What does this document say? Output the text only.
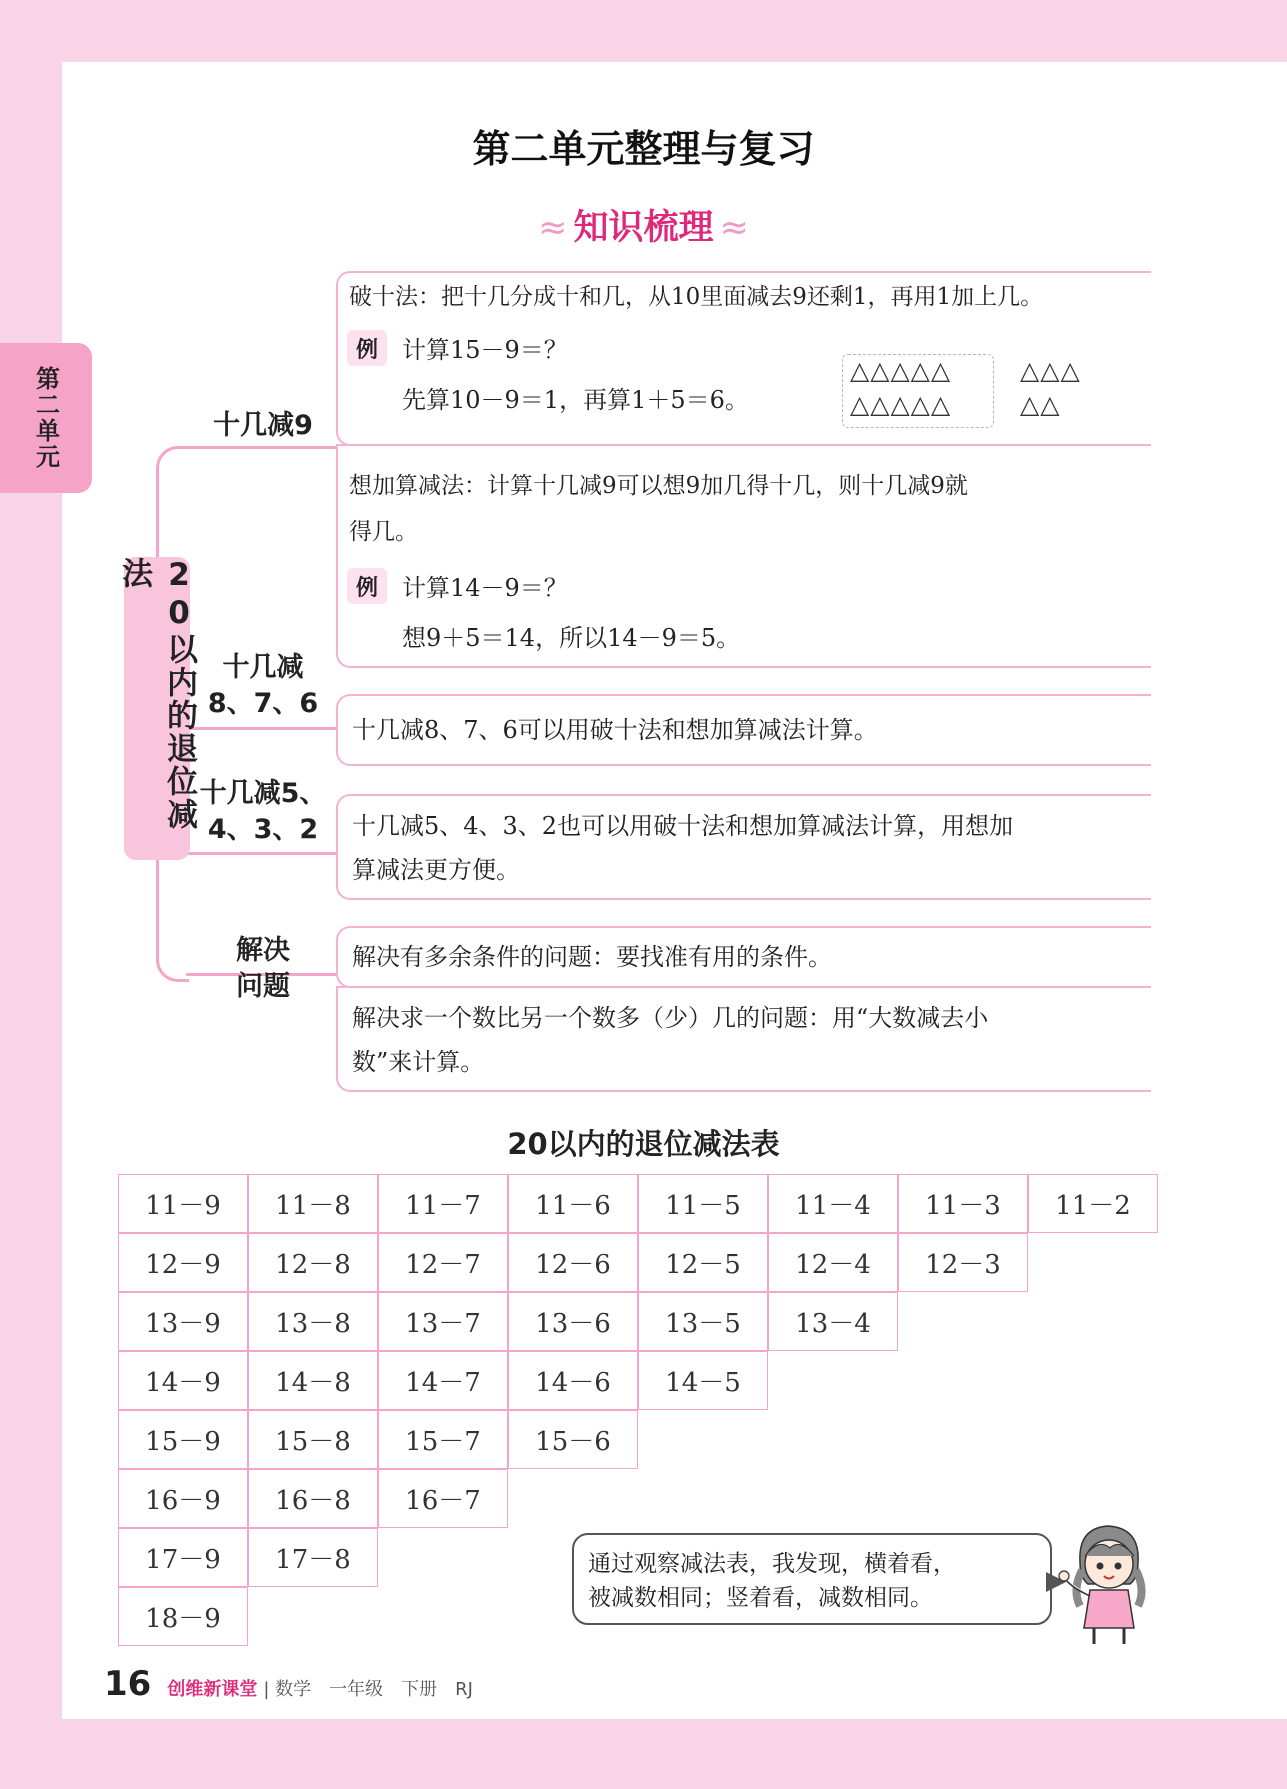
第二单元
第二单元整理与复习
≈ 知识梳理 ≈
20以内的退位减法
十几减9
十几减
8、7、6
十几减5、
4、3、2
解决
问题
破十法：把十几分成十和几，从10里面减去9还剩1，再用1加上几。
例	计算15－9＝？
先算10－9＝1，再算1＋5＝6。
△△△△△
△△△△△
△△△
△△
想加算减法：计算十几减9可以想9加几得十几，则十几减9就
得几。
例	计算14－9＝？
想9＋5＝14，所以14－9＝5。
十几减8、7、6可以用破十法和想加算减法计算。
十几减5、4、3、2也可以用破十法和想加算减法计算，用想加
算减法更方便。
解决有多余条件的问题：要找准有用的条件。
解决求一个数比另一个数多（少）几的问题：用“大数减去小
数”来计算。
20以内的退位减法表
11－9	11－8	11－7	11－6	11－5	11－4	11－3	11－2
12－9	12－8	12－7	12－6	12－5	12－4	12－3
13－9	13－8	13－7	13－6	13－5	13－4
14－9	14－8	14－7	14－6	14－5
15－9	15－8	15－7	15－6
16－9	16－8	16－7
17－9	17－8
18－9
通过观察减法表，我发现，横着看，
被减数相同；竖着看，减数相同。
16 创维新课堂 | 数学　一年级　下册　RJ
